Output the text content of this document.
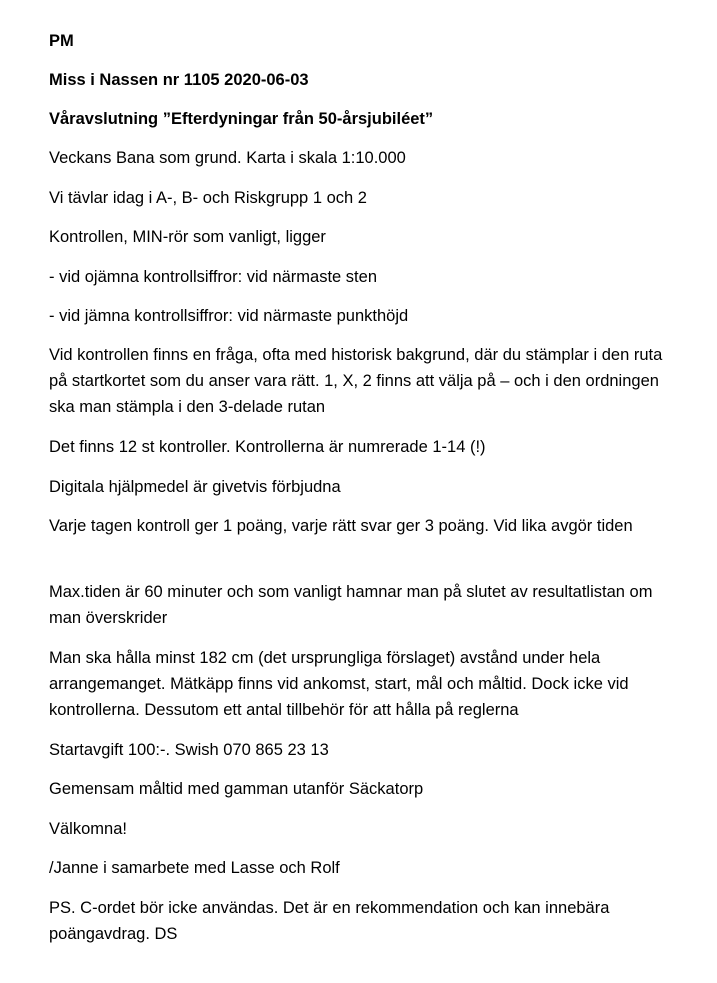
PM

Miss i Nassen nr 1105 2020-06-03

Våravslutning ”Efterdyningar från 50-årsjubiléet”

Veckans Bana som grund. Karta i skala 1:10.000

Vi tävlar idag i A-, B- och Riskgrupp 1 och 2

Kontrollen, MIN-rör som vanligt, ligger

- vid ojämna kontrollsiffror: vid närmaste sten

- vid jämna kontrollsiffror: vid närmaste punkthöjd

Vid kontrollen finns en fråga, ofta med historisk bakgrund, där du stämplar i den ruta på startkortet som du anser vara rätt. 1, X, 2 finns att välja på – och i den ordningen ska man stämpla i den 3-delade rutan

Det finns 12 st kontroller. Kontrollerna är numrerade 1-14 (!)

Digitala hjälpmedel är givetvis förbjudna

Varje tagen kontroll ger 1 poäng, varje rätt svar ger 3 poäng. Vid lika avgör tiden

Max.tiden är 60 minuter och som vanligt hamnar man på slutet av resultatlistan om man överskrider

Man ska hålla minst 182 cm (det ursprungliga förslaget) avstånd under hela arrangemanget. Mätkäpp finns vid ankomst, start, mål och måltid. Dock icke vid kontrollerna. Dessutom ett antal tillbehör för att hålla på reglerna

Startavgift 100:-. Swish 070 865 23 13

Gemensam måltid med gamman utanför Säckatorp

Välkomna!

/Janne i samarbete med Lasse och Rolf

PS. C-ordet bör icke användas. Det är en rekommendation och kan innebära poängavdrag. DS
